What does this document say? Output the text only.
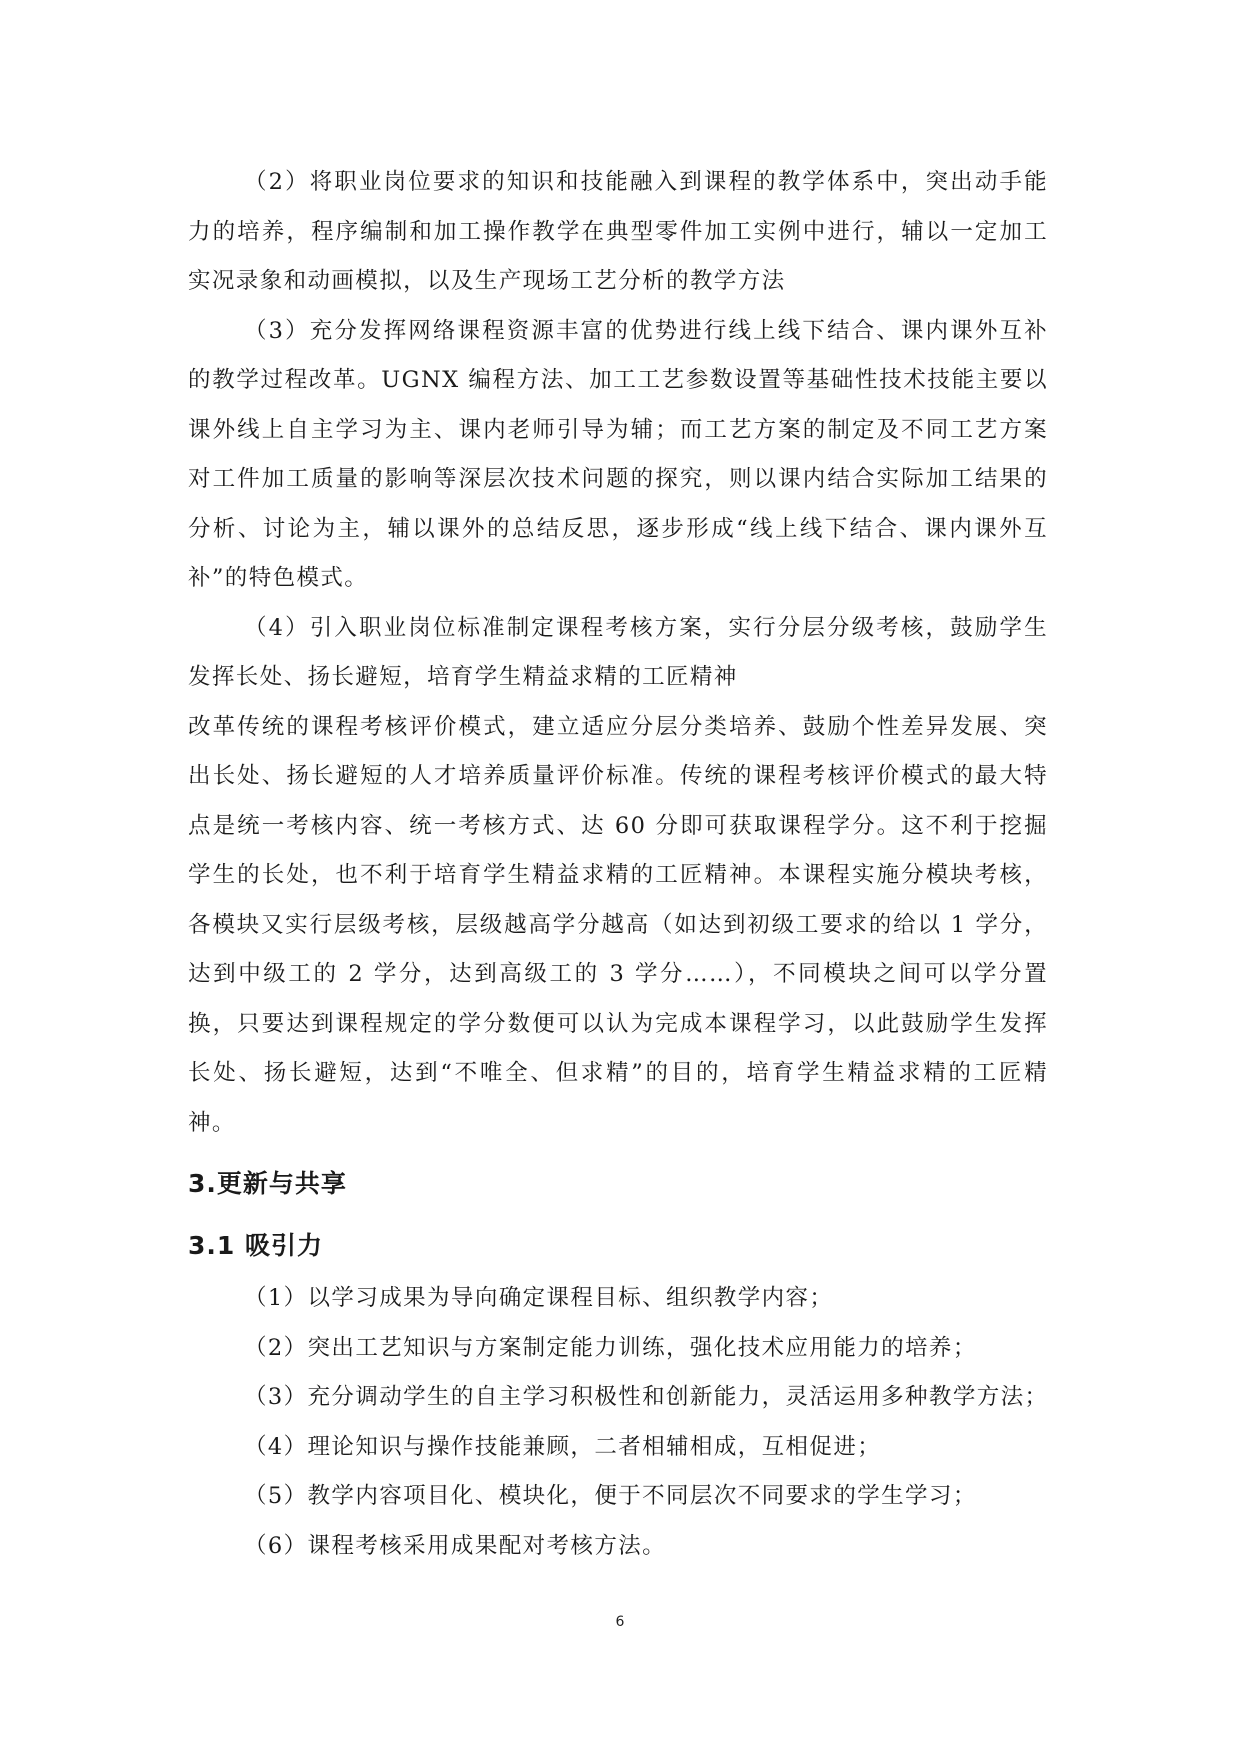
（2）将职业岗位要求的知识和技能融入到课程的教学体系中，突出动手能力的培养，程序编制和加工操作教学在典型零件加工实例中进行，辅以一定加工实况录象和动画模拟，以及生产现场工艺分析的教学方法

（3）充分发挥网络课程资源丰富的优势进行线上线下结合、课内课外互补的教学过程改革。UGNX 编程方法、加工工艺参数设置等基础性技术技能主要以课外线上自主学习为主、课内老师引导为辅；而工艺方案的制定及不同工艺方案对工件加工质量的影响等深层次技术问题的探究，则以课内结合实际加工结果的分析、讨论为主，辅以课外的总结反思，逐步形成“线上线下结合、课内课外互补”的特色模式。

（4）引入职业岗位标准制定课程考核方案，实行分层分级考核，鼓励学生发挥长处、扬长避短，培育学生精益求精的工匠精神

改革传统的课程考核评价模式，建立适应分层分类培养、鼓励个性差异发展、突出长处、扬长避短的人才培养质量评价标准。传统的课程考核评价模式的最大特点是统一考核内容、统一考核方式、达 60 分即可获取课程学分。这不利于挖掘学生的长处，也不利于培育学生精益求精的工匠精神。本课程实施分模块考核，各模块又实行层级考核，层级越高学分越高（如达到初级工要求的给以 1 学分，达到中级工的 2 学分，达到高级工的 3 学分……），不同模块之间可以学分置换，只要达到课程规定的学分数便可以认为完成本课程学习，以此鼓励学生发挥长处、扬长避短，达到“不唯全、但求精”的目的，培育学生精益求精的工匠精神。

3.更新与共享
3.1 吸引力

（1）以学习成果为导向确定课程目标、组织教学内容；

（2）突出工艺知识与方案制定能力训练，强化技术应用能力的培养；

（3）充分调动学生的自主学习积极性和创新能力，灵活运用多种教学方法；

（4）理论知识与操作技能兼顾，二者相辅相成，互相促进；

（5）教学内容项目化、模块化，便于不同层次不同要求的学生学习；

（6）课程考核采用成果配对考核方法。

6
